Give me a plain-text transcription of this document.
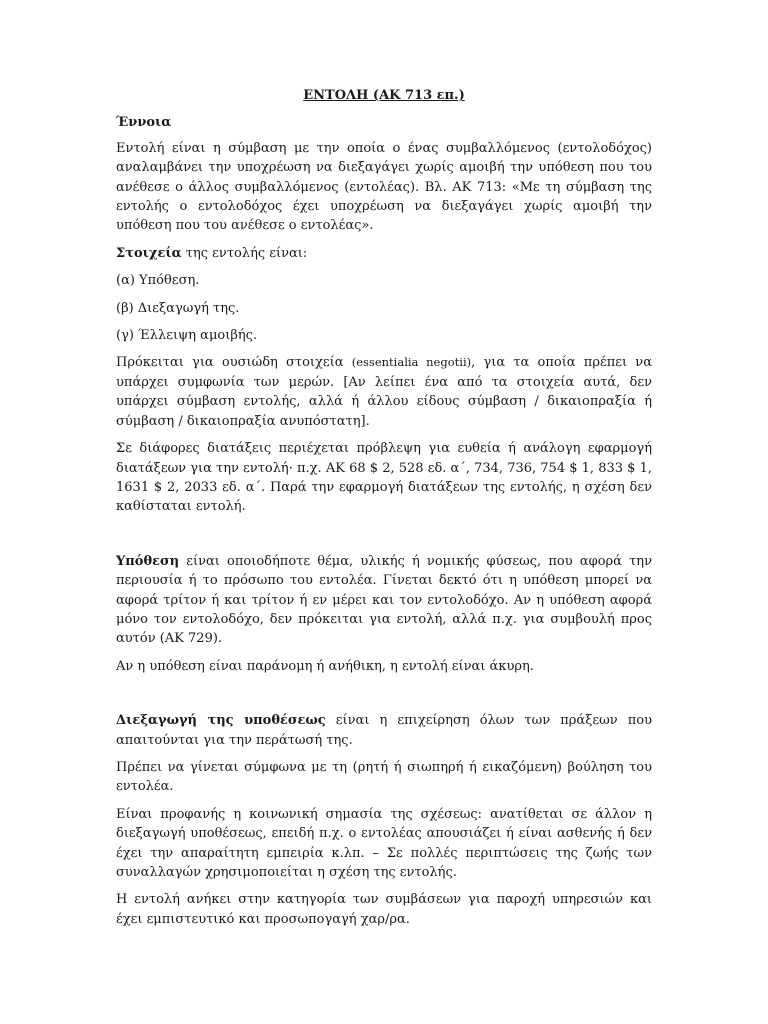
ΕΝΤΟΛΗ (ΑΚ 713 επ.)
Έννοια

Εντολή είναι η σύμβαση με την οποία ο ένας συμβαλλόμενος (εντολοδόχος) αναλαμβάνει την υποχρέωση να διεξαγάγει χωρίς αμοιβή την υπόθεση που του ανέθεσε ο άλλος συμβαλλόμενος (εντολέας). Βλ. ΑΚ 713: «Με τη σύμβαση της εντολής ο εντολοδόχος έχει υποχρέωση να διεξαγάγει χωρίς αμοιβή την υπόθεση που του ανέθεσε ο εντολέας».

Στοιχεία της εντολής είναι:

(α) Υπόθεση.
(β) Διεξαγωγή της.
(γ) Έλλειψη αμοιβής.

Πρόκειται για ουσιώδη στοιχεία (essentialia negotii), για τα οποία πρέπει να υπάρχει συμφωνία των μερών. [Αν λείπει ένα από τα στοιχεία αυτά, δεν υπάρχει σύμβαση εντολής, αλλά ή άλλου είδους σύμβαση / δικαιοπραξία ή σύμβαση / δικαιοπραξία ανυπόστατη].

Σε διάφορες διατάξεις περιέχεται πρόβλεψη για ευθεία ή ανάλογη εφαρμογή διατάξεων για την εντολή· π.χ. ΑΚ 68 $ 2, 528 εδ. α΄, 734, 736, 754 $ 1, 833 $ 1, 1631 $ 2, 2033 εδ. α΄. Παρά την εφαρμογή διατάξεων της εντολής, η σχέση δεν καθίσταται εντολή.

Υπόθεση είναι οποιοδήποτε θέμα, υλικής ή νομικής φύσεως, που αφορά την περιουσία ή το πρόσωπο του εντολέα. Γίνεται δεκτό ότι η υπόθεση μπορεί να αφορά τρίτον ή και τρίτον ή εν μέρει και τον εντολοδόχο. Αν η υπόθεση αφορά μόνο τον εντολοδόχο, δεν πρόκειται για εντολή, αλλά π.χ. για συμβουλή προς αυτόν (ΑΚ 729).

Αν η υπόθεση είναι παράνομη ή ανήθικη, η εντολή είναι άκυρη.

Διεξαγωγή της υποθέσεως είναι η επιχείρηση όλων των πράξεων που απαιτούνται για την περάτωσή της.

Πρέπει να γίνεται σύμφωνα με τη (ρητή ή σιωπηρή ή εικαζόμενη) βούληση του εντολέα.

Είναι προφανής η κοινωνική σημασία της σχέσεως: ανατίθεται σε άλλον η διεξαγωγή υποθέσεως, επειδή π.χ. ο εντολέας απουσιάζει ή είναι ασθενής ή δεν έχει την απαραίτητη εμπειρία κ.λπ. – Σε πολλές περιπτώσεις της ζωής των συναλλαγών χρησιμοποιείται η σχέση της εντολής.

Η εντολή ανήκει στην κατηγορία των συμβάσεων για παροχή υπηρεσιών και έχει εμπιστευτικό και προσωπογαγή χαρ/ρα.
